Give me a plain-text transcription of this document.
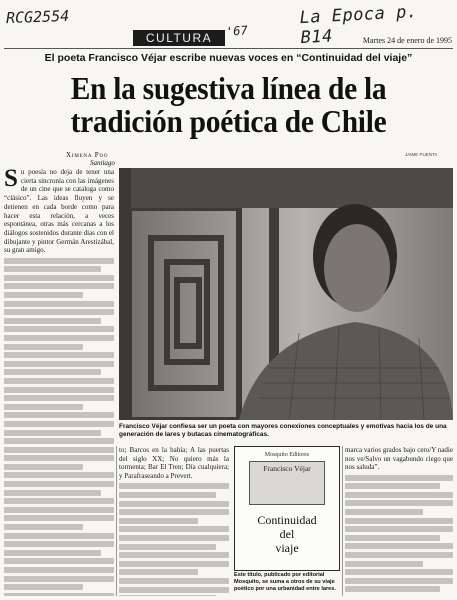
RCG2554
'67
La Epoca p. B14
CULTURA	Martes 24 de enero de 1995
El poeta Francisco Véjar escribe nuevas voces en “Continuidad del viaje”
En la sugestiva línea de la tradición poética de Chile
Ximena Poo
Santiago
JAIME PUENTA
S u poesía no deja de tener una cierta sincronía con las imágenes de un cine que se cataloga como “clásico”. Las ideas fluyen y se detienen en cada borde como para hacer esta relación, a veces espontánea, otras más cercanas a los diálogos sostenidos durante días con el dibujante y pintor Germán Arestizábal, su gran amigo.
Francisco Véjar confiesa ser un poeta con mayores conexiones conceptuales y emotivas hacia los de una generación de lares y butacas cinematográficas.

to; Barcos en la bahía; A las puertas del siglo XX; No quiero más la tormenta; Bar El Tren; Día cualquiera; y Parafraseando a Prevert.

Mosquito Editores
Francisco Véjar
Continuidad
del
viaje
Este título, publicado por editorial Mosquito, se suma a otros de su viaje poético por una urbanidad entre lares.

marca varios grados bajo cero/Y nadie nos ve/Salvo un vagabundo ciego que nos saluda”.
